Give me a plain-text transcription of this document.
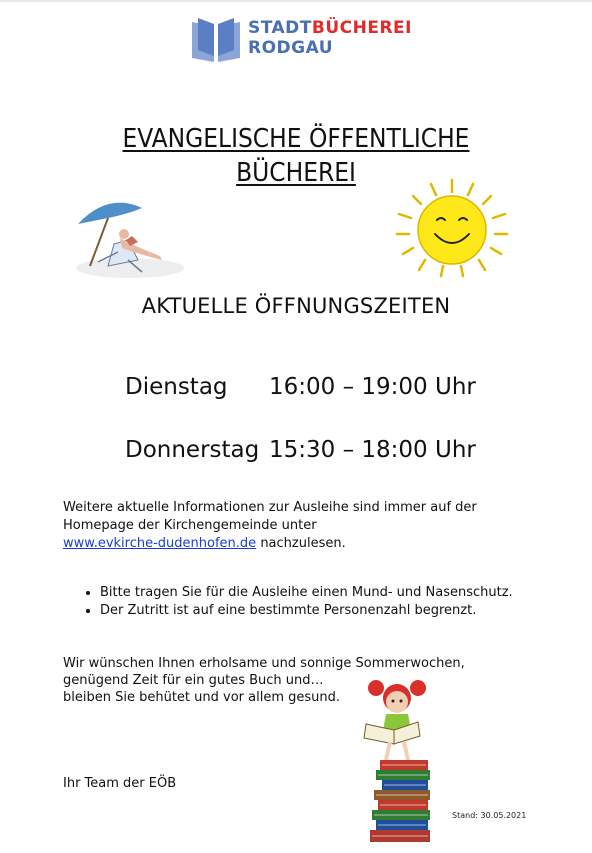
STADTBÜCHEREI
RODGAU
EVANGELISCHE ÖFFENTLICHE
BÜCHEREI
AKTUELLE ÖFFNUNGSZEITEN
Dienstag 16:00 – 19:00 Uhr
Donnerstag 15:30 – 18:00 Uhr
Weitere aktuelle Informationen zur Ausleihe sind immer auf der Homepage der Kirchengemeinde unter
www.evkirche-dudenhofen.de nachzulesen.
• Bitte tragen Sie für die Ausleihe einen Mund- und Nasenschutz.
• Der Zutritt ist auf eine bestimmte Personenzahl begrenzt.
Wir wünschen Ihnen erholsame und sonnige Sommerwochen,
genügend Zeit für ein gutes Buch und…
bleiben Sie behütet und vor allem gesund.
Ihr Team der EÖB
Stand: 30.05.2021
